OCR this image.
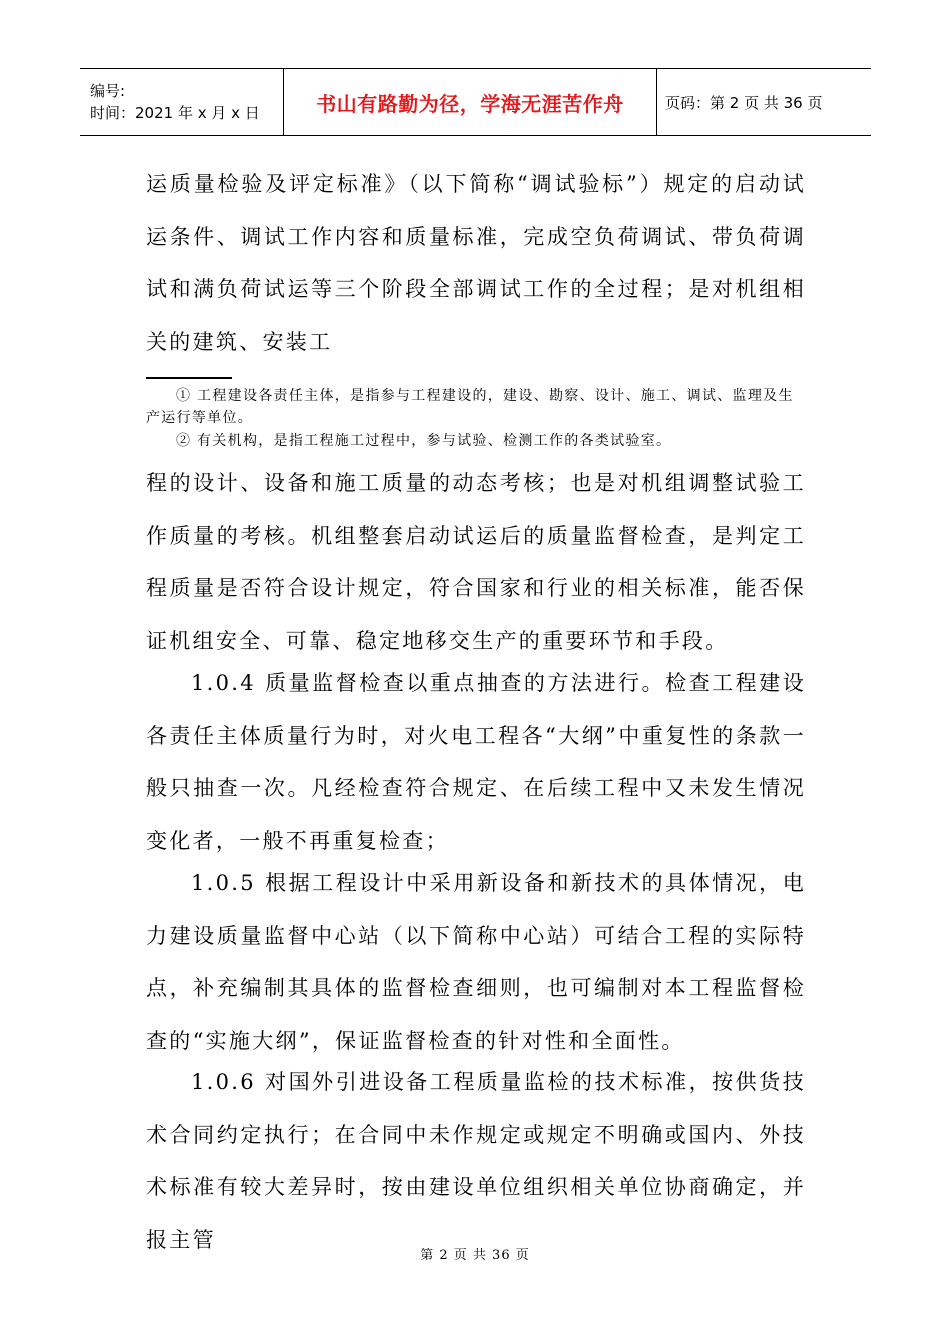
编号:
时间：2021 年 x 月 x 日	书山有路勤为径，学海无涯苦作舟	页码：第 2 页 共 36 页

运质量检验及评定标准》（以下简称“调试验标”）规定的启动试运条件、调试工作内容和质量标准，完成空负荷调试、带负荷调试和满负荷试运等三个阶段全部调试工作的全过程；是对机组相关的建筑、安装工

① 工程建设各责任主体，是指参与工程建设的，建设、勘察、设计、施工、调试、监理及生产运行等单位。

② 有关机构，是指工程施工过程中，参与试验、检测工作的各类试验室。

程的设计、设备和施工质量的动态考核；也是对机组调整试验工作质量的考核。机组整套启动试运后的质量监督检查，是判定工程质量是否符合设计规定，符合国家和行业的相关标准，能否保证机组安全、可靠、稳定地移交生产的重要环节和手段。

1.0.4 质量监督检查以重点抽查的方法进行。检查工程建设各责任主体质量行为时，对火电工程各“大纲”中重复性的条款一般只抽查一次。凡经检查符合规定、在后续工程中又未发生情况变化者，一般不再重复检查；

1.0.5 根据工程设计中采用新设备和新技术的具体情况，电力建设质量监督中心站（以下简称中心站）可结合工程的实际特点，补充编制其具体的监督检查细则，也可编制对本工程监督检查的“实施大纲”，保证监督检查的针对性和全面性。

1.0.6 对国外引进设备工程质量监检的技术标准，按供货技术合同约定执行；在合同中未作规定或规定不明确或国内、外技术标准有较大差异时，按由建设单位组织相关单位协商确定，并报主管

第 2 页 共 36 页
